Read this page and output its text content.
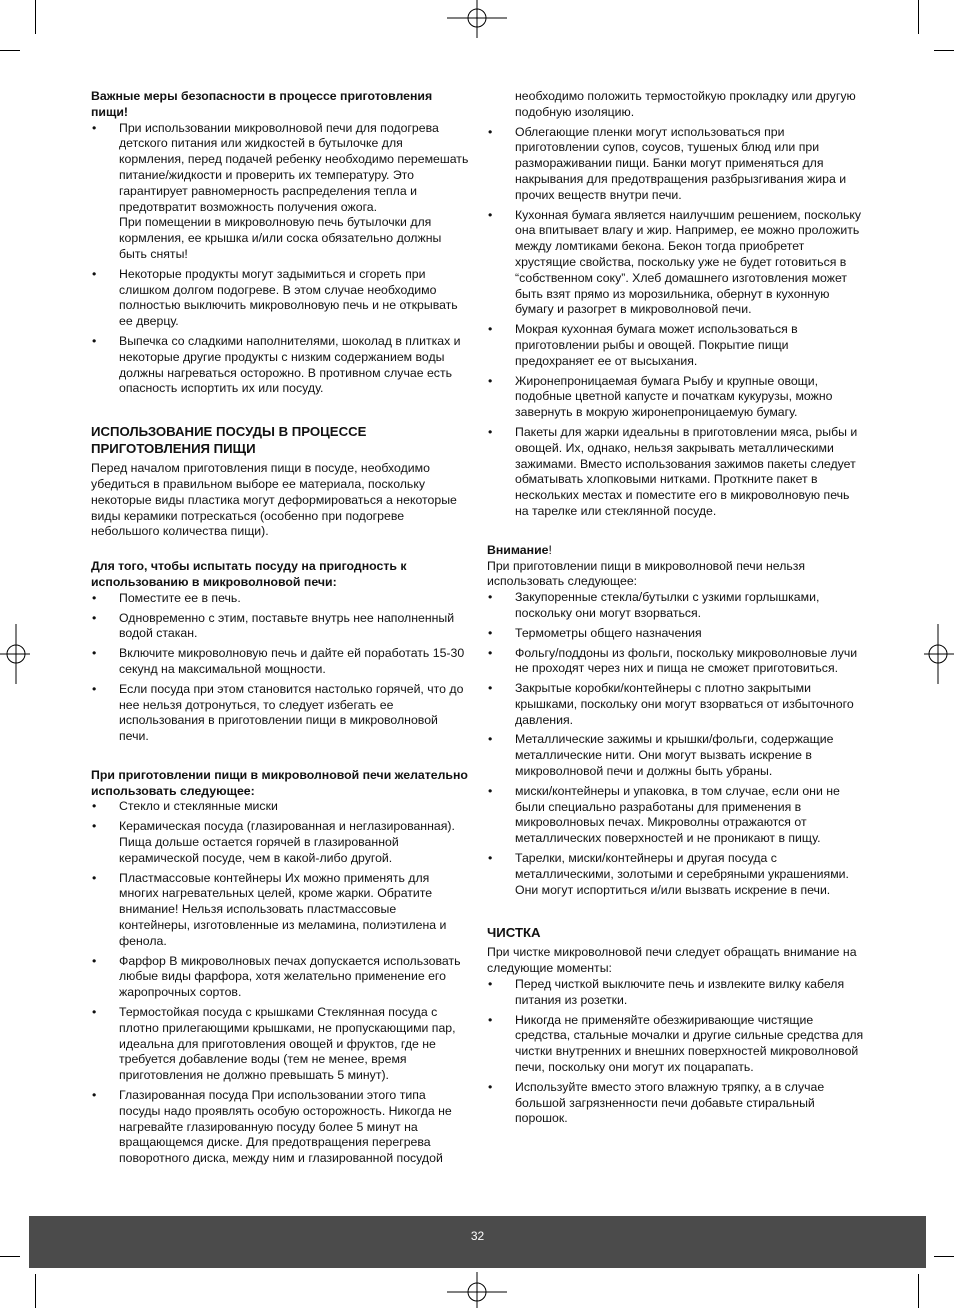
Важные меры безопасности в процессе приготовления пищи!

• При использовании микроволновой печи для подогрева детского питания или жидкостей в бутылочке для кормления, перед подачей ребенку необходимо перемешать питание/жидкости и проверить их температуру. Это гарантирует равномерность распределения тепла и предотвратит возможность получения ожога.
При помещении в микроволновую печь бутылочки для кормления, ее крышка и/или соска обязательно должны быть сняты!
• Некоторые продукты могут задымиться и сгореть при слишком долгом подогреве. В этом случае необходимо полностью выключить микроволновую печь и не открывать ее дверцу.
• Выпечка со сладкими наполнителями, шоколад в плитках и некоторые другие продукты с низким содержанием воды должны нагреваться осторожно. В противном случае есть опасность испортить их или посуду.
ИСПОЛЬЗОВАНИЕ ПОСУДЫ В ПРОЦЕССЕ ПРИГОТОВЛЕНИЯ ПИЩИ

Перед началом приготовления пищи в посуде, необходимо убедиться в правильном выборе ее материала, поскольку некоторые виды пластика могут деформироваться а некоторые виды керамики потрескаться (особенно при подогреве небольшого количества пищи).

Для того, чтобы испытать посуду на пригодность к использованию в микроволновой печи:

• Поместите ее в печь.
• Одновременно с этим, поставьте внутрь нее наполненный водой стакан.
• Включите микроволновую печь и дайте ей поработать 15-30 секунд на максимальной мощности.
• Если посуда при этом становится настолько горячей, что до нее нельзя дотронуться, то следует избегать ее использования в приготовлении пищи в микроволновой печи.

При приготовлении пищи в микроволновой печи желательно использовать следующее:

• Стекло и стеклянные миски
• Керамическая посуда (глазированная и неглазированная). Пища дольше остается горячей в глазированной керамической посуде, чем в какой-либо другой.
• Пластмассовые контейнеры Их можно применять для многих нагревательных целей, кроме жарки. Обратите внимание! Нельзя использовать пластмассовые контейнеры, изготовленные из меламина, полиэтилена и фенола.
• Фарфор В микроволновых печах допускается использовать любые виды фарфора, хотя желательно применение его жаропрочных сортов.
• Термостойкая посуда с крышками Стеклянная посуда с плотно прилегающими крышками, не пропускающими пар, идеальна для приготовления овощей и фруктов, где не требуется добавление воды (тем не менее, время приготовления не должно превышать 5 минут).
• Глазированная посуда При использовании этого типа посуды надо проявлять особую осторожность. Никогда не нагревайте глазированную посуду более 5 минут на вращающемся диске. Для предотвращения перегрева поворотного диска, между ним и глазированной посудой

необходимо положить термостойкую прокладку или другую подобную изоляцию.

• Облегающие пленки могут использоваться при приготовлении супов, соусов, тушеных блюд или при размораживании пищи. Банки могут применяться для накрывания для предотвращения разбрызгивания жира и прочих веществ внутри печи.
• Кухонная бумага является наилучшим решением, поскольку она впитывает влагу и жир. Например, ее можно проложить между ломтиками бекона. Бекон тогда приобретет хрустящие свойства, поскольку уже не будет готовиться в “собственном соку”. Хлеб домашнего изготовления может быть взят прямо из морозильника, обернут в кухонную бумагу и разогрет в микроволновой печи.
• Мокрая кухонная бумага может использоваться в приготовлении рыбы и овощей. Покрытие пищи предохраняет ее от высыхания.
• Жиронепроницаемая бумага Рыбу и крупные овощи, подобные цветной капусте и початкам кукурузы, можно завернуть в мокрую жиронепроницаемую бумагу.
• Пакеты для жарки идеальны в приготовлении мяса, рыбы и овощей. Их, однако, нельзя закрывать металлическими зажимами. Вместо использования зажимов пакеты следует обматывать хлопковыми нитками. Проткните пакет в нескольких местах и поместите его в микроволновую печь на тарелке или стеклянной посуде.

Внимание!

При приготовлении пищи в микроволновой печи нельзя использовать следующее:

• Закупоренные стекла/бутылки с узкими горлышками, поскольку они могут взорваться.
• Термометры общего назначения
• Фольгу/поддоны из фольги, поскольку микроволновые лучи не проходят через них и пища не сможет приготовиться.
• Закрытые коробки/контейнеры с плотно закрытыми крышками, поскольку они могут взорваться от избыточного давления.
• Металлические зажимы и крышки/фольги, содержащие металлические нити. Они могут вызвать искрение в микроволновой печи и должны быть убраны.
• миски/контейнеры и упаковка, в том случае, если они не были специально разработаны для применения в микроволновых печах. Микроволны отражаются от металлических поверхностей и не проникают в пищу.
• Тарелки, миски/контейнеры и другая посуда с металлическими, золотыми и серебряными украшениями. Они могут испортиться и/или вызвать искрение в печи.
ЧИСТКА

При чистке микроволновой печи следует обращать внимание на следующие моменты:

• Перед чисткой выключите печь и извлеките вилку кабеля питания из розетки.
• Никогда не применяйте обезжиривающие чистящие средства, стальные мочалки и другие сильные средства для чистки внутренних и внешних поверхностей микроволновой печи, поскольку они могут их поцарапать.
• Используйте вместо этого влажную тряпку, а в случае большой загрязненности печи добавьте стиральный порошок.
32
